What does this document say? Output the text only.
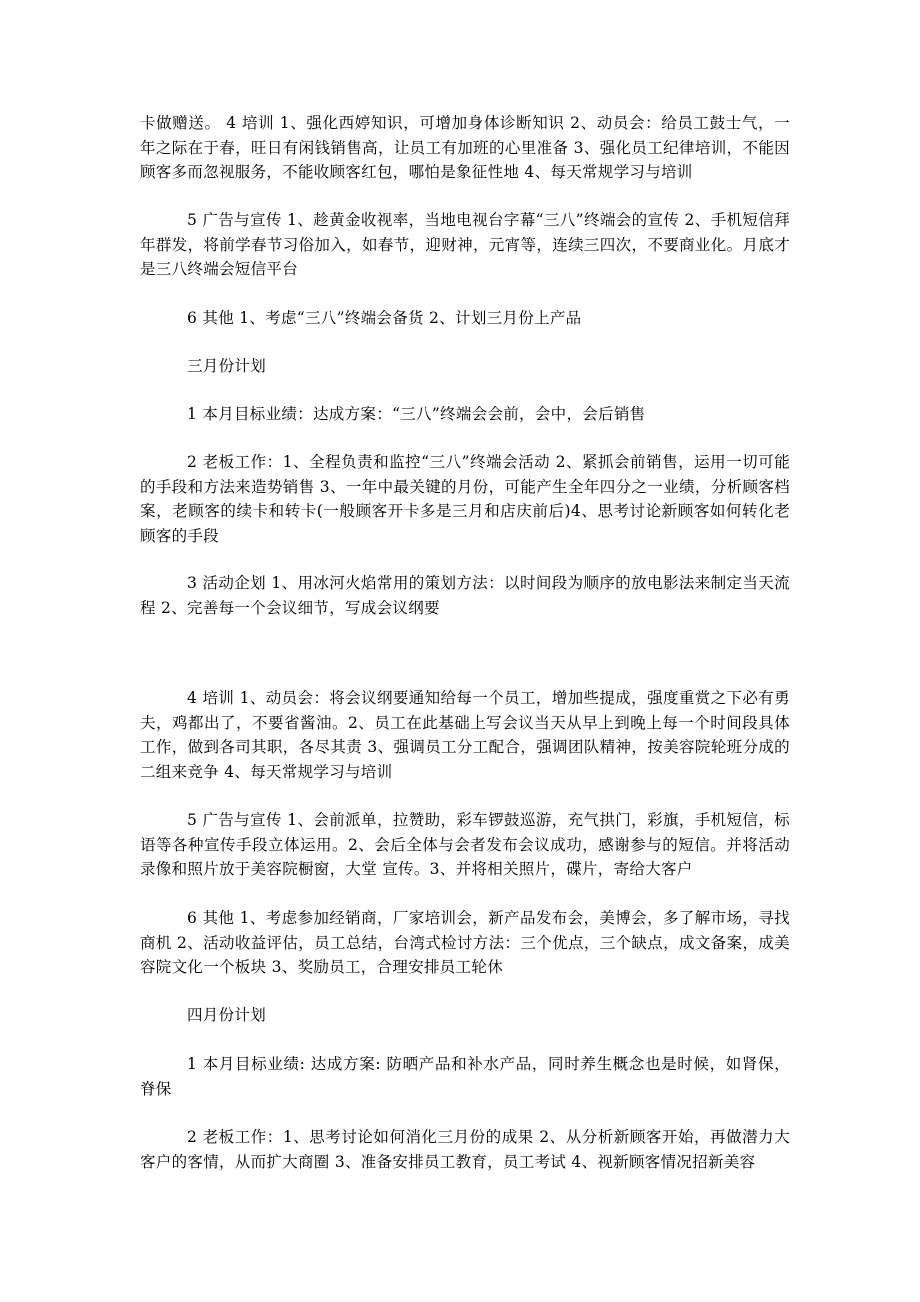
卡做赠送。 4 培训 1、强化西婷知识，可增加身体诊断知识 2、动员会：给员工鼓士气，一年之际在于春，旺日有闲钱销售高，让员工有加班的心里准备 3、强化员工纪律培训，不能因顾客多而忽视服务，不能收顾客红包，哪怕是象征性地 4、每天常规学习与培训

5 广告与宣传 1、趁黄金收视率，当地电视台字幕“三八”终端会的宣传 2、手机短信拜年群发，将前学春节习俗加入，如春节，迎财神，元宵等，连续三四次，不要商业化。月底才是三八终端会短信平台

6 其他 1、考虑“三八”终端会备货 2、计划三月份上产品

三月份计划

1 本月目标业绩：达成方案：“三八”终端会会前，会中，会后销售

2 老板工作：1、全程负责和监控“三八”终端会活动 2、紧抓会前销售，运用一切可能的手段和方法来造势销售 3、一年中最关键的月份，可能产生全年四分之一业绩，分析顾客档案，老顾客的续卡和转卡(一般顾客开卡多是三月和店庆前后)4、思考讨论新顾客如何转化老顾客的手段

3 活动企划 1、用冰河火焰常用的策划方法：以时间段为顺序的放电影法来制定当天流程 2、完善每一个会议细节，写成会议纲要

4 培训 1、动员会：将会议纲要通知给每一个员工，增加些提成，强度重赏之下必有勇夫，鸡都出了，不要省酱油。2、员工在此基础上写会议当天从早上到晚上每一个时间段具体工作，做到各司其职，各尽其责 3、强调员工分工配合，强调团队精神，按美容院轮班分成的二组来竞争 4、每天常规学习与培训

5 广告与宣传 1、会前派单，拉赞助，彩车锣鼓巡游，充气拱门，彩旗，手机短信，标语等各种宣传手段立体运用。2、会后全体与会者发布会议成功，感谢参与的短信。并将活动录像和照片放于美容院橱窗，大堂 宣传。3、并将相关照片，碟片，寄给大客户

6 其他 1、考虑参加经销商，厂家培训会，新产品发布会，美博会，多了解市场，寻找商机 2、活动收益评估，员工总结，台湾式检讨方法：三个优点，三个缺点，成文备案，成美容院文化一个板块 3、奖励员工，合理安排员工轮休

四月份计划

1 本月目标业绩: 达成方案: 防晒产品和补水产品，同时养生概念也是时候，如肾保，脊保

2 老板工作：1、思考讨论如何消化三月份的成果 2、从分析新顾客开始，再做潜力大客户的客情，从而扩大商圈 3、准备安排员工教育，员工考试 4、视新顾客情况招新美容
